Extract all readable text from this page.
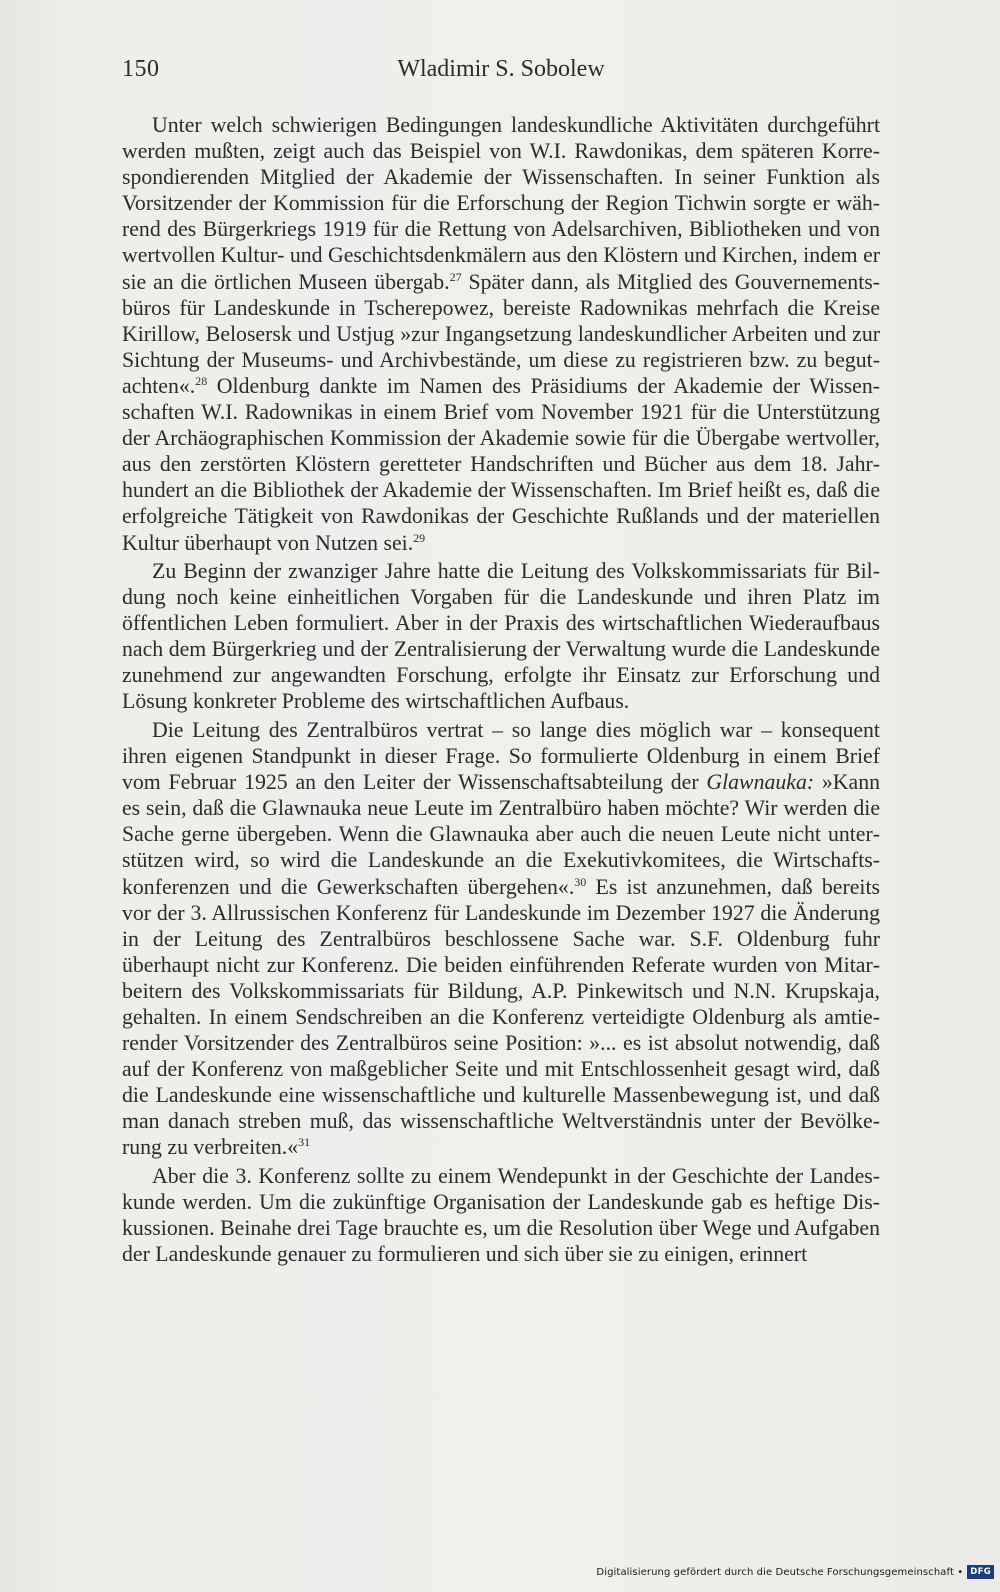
150	Wladimir S. Sobolew

Unter welch schwierigen Bedingungen landeskundliche Aktivitäten durchgeführt werden mußten, zeigt auch das Beispiel von W.I. Rawdonikas, dem späteren Korrespondierenden Mitglied der Akademie der Wissenschaften. In seiner Funktion als Vorsitzender der Kommission für die Erforschung der Region Tichwin sorgte er während des Bürgerkriegs 1919 für die Rettung von Adelsarchiven, Bibliotheken und von wertvollen Kultur- und Geschichtsdenkmälern aus den Klöstern und Kirchen, indem er sie an die örtlichen Museen übergab.$^{27}$ Später dann, als Mitglied des Gouvernementsbüros für Landeskunde in Tscherepowez, bereiste Radownikas mehrfach die Kreise Kirillow, Belosersk und Ustjug »zur Ingangsetzung landeskundlicher Arbeiten und zur Sichtung der Museums- und Archivbestände, um diese zu registrieren bzw. zu begutachten«.$^{28}$ Oldenburg dankte im Namen des Präsidiums der Akademie der Wissenschaften W.I. Radownikas in einem Brief vom November 1921 für die Unterstützung der Archäographischen Kommission der Akademie sowie für die Übergabe wertvoller, aus den zerstörten Klöstern geretteter Handschriften und Bücher aus dem 18. Jahrhundert an die Bibliothek der Akademie der Wissenschaften. Im Brief heißt es, daß die erfolgreiche Tätigkeit von Rawdonikas der Geschichte Rußlands und der materiellen Kultur überhaupt von Nutzen sei.$^{29}$

Zu Beginn der zwanziger Jahre hatte die Leitung des Volkskommissariats für Bildung noch keine einheitlichen Vorgaben für die Landeskunde und ihren Platz im öffentlichen Leben formuliert. Aber in der Praxis des wirtschaftlichen Wiederaufbaus nach dem Bürgerkrieg und der Zentralisierung der Verwaltung wurde die Landeskunde zunehmend zur angewandten Forschung, erfolgte ihr Einsatz zur Erforschung und Lösung konkreter Probleme des wirtschaftlichen Aufbaus.

Die Leitung des Zentralbüros vertrat – so lange dies möglich war – konsequent ihren eigenen Standpunkt in dieser Frage. So formulierte Oldenburg in einem Brief vom Februar 1925 an den Leiter der Wissenschaftsabteilung der Glawnauka: »Kann es sein, daß die Glawnauka neue Leute im Zentralbüro haben möchte? Wir werden die Sache gerne übergeben. Wenn die Glawnauka aber auch die neuen Leute nicht unterstützen wird, so wird die Landeskunde an die Exekutivkomitees, die Wirtschaftskonferenzen und die Gewerkschaften übergehen«.$^{30}$ Es ist anzunehmen, daß bereits vor der 3. Allrussischen Konferenz für Landeskunde im Dezember 1927 die Änderung in der Leitung des Zentralbüros beschlossene Sache war. S.F. Oldenburg fuhr überhaupt nicht zur Konferenz. Die beiden einführenden Referate wurden von Mitarbeitern des Volkskommissariats für Bildung, A.P. Pinkewitsch und N.N. Krupskaja, gehalten. In einem Sendschreiben an die Konferenz verteidigte Oldenburg als amtierender Vorsitzender des Zentralbüros seine Position: »... es ist absolut notwendig, daß auf der Konferenz von maßgeblicher Seite und mit Entschlossenheit gesagt wird, daß die Landeskunde eine wissenschaftliche und kulturelle Massenbewegung ist, und daß man danach streben muß, das wissenschaftliche Weltverständnis unter der Bevölkerung zu verbreiten.«$^{31}$

Aber die 3. Konferenz sollte zu einem Wendepunkt in der Geschichte der Landeskunde werden. Um die zukünftige Organisation der Landeskunde gab es heftige Diskussionen. Beinahe drei Tage brauchte es, um die Resolution über Wege und Aufgaben der Landeskunde genauer zu formulieren und sich über sie zu einigen, erinnert

Digitalisierung gefördert durch die Deutsche Forschungsgemeinschaft • DFG
